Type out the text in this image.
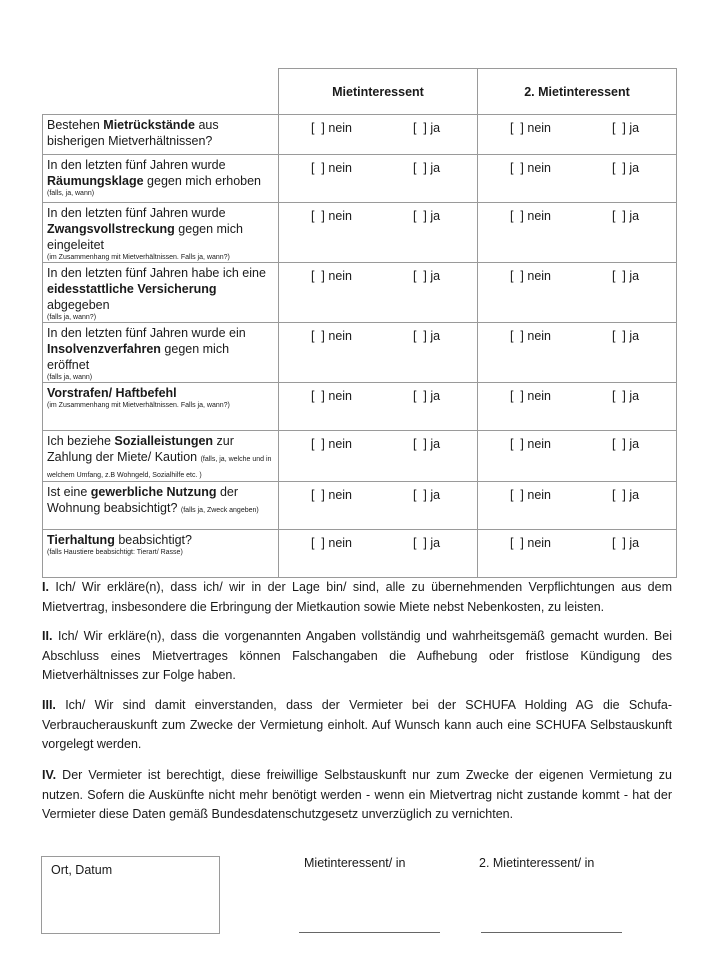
	Mietinteressent	2. Mietinteressent
Bestehen Mietrückstände aus bisherigen Mietverhältnissen?	[  ] nein [  ] ja	[  ] nein [  ] ja

In den letzten fünf Jahren wurde Räumungsklage gegen mich erhoben
(falls, ja, wann)	[  ] nein [  ] ja	[  ] nein [  ] ja

In den letzten fünf Jahren wurde Zwangsvollstreckung gegen mich eingeleitet
(im Zusammenhang mit Mietverhältnissen. Falls ja, wann?)	[  ] nein [  ] ja	[  ] nein [  ] ja

In den letzten fünf Jahren habe ich eine eidesstattliche Versicherung abgegeben
(falls ja, wann?)	[  ] nein [  ] ja	[  ] nein [  ] ja

In den letzten fünf Jahren wurde ein Insolvenzverfahren gegen mich eröffnet
(falls ja, wann)	[  ] nein [  ] ja	[  ] nein [  ] ja

Vorstrafen/ Haftbefehl
(im Zusammenhang mit Mietverhältnissen. Falls ja, wann?)	[  ] nein [  ] ja	[  ] nein [  ] ja

Ich beziehe Sozialleistungen zur Zahlung der Miete/ Kaution (falls, ja, welche und in welchem Umfang, z.B Wohngeld, Sozialhilfe etc. )	[  ] nein [  ] ja	[  ] nein [  ] ja

Ist eine gewerbliche Nutzung der Wohnung beabsichtigt? (falls ja, Zweck angeben)	[  ] nein [  ] ja	[  ] nein [  ] ja

Tierhaltung beabsichtigt?
(falls Haustiere beabsichtigt: Tierart/ Rasse)	[  ] nein [  ] ja	[  ] nein [  ] ja
I. Ich/ Wir erkläre(n), dass ich/ wir in der Lage bin/ sind, alle zu übernehmenden Verpflichtungen aus dem Mietvertrag, insbesondere die Erbringung der Mietkaution sowie Miete nebst Nebenkosten, zu leisten.
II. Ich/ Wir erkläre(n), dass die vorgenannten Angaben vollständig und wahrheitsgemäß gemacht wurden. Bei Abschluss eines Mietvertrages können Falschangaben die Aufhebung oder fristlose Kündigung des Mietverhältnisses zur Folge haben.
III. Ich/ Wir sind damit einverstanden, dass der Vermieter bei der SCHUFA Holding AG die Schufa-Verbraucherauskunft zum Zwecke der Vermietung einholt. Auf Wunsch kann auch eine SCHUFA Selbstauskunft vorgelegt werden.
IV. Der Vermieter ist berechtigt, diese freiwillige Selbstauskunft nur zum Zwecke der eigenen Vermietung zu nutzen. Sofern die Auskünfte nicht mehr benötigt werden - wenn ein Mietvertrag nicht zustande kommt - hat der Vermieter diese Daten gemäß Bundesdatenschutzgesetz unverzüglich zu vernichten.
Ort, Datum	Mietinteressent/ in	2. Mietinteressent/ in
